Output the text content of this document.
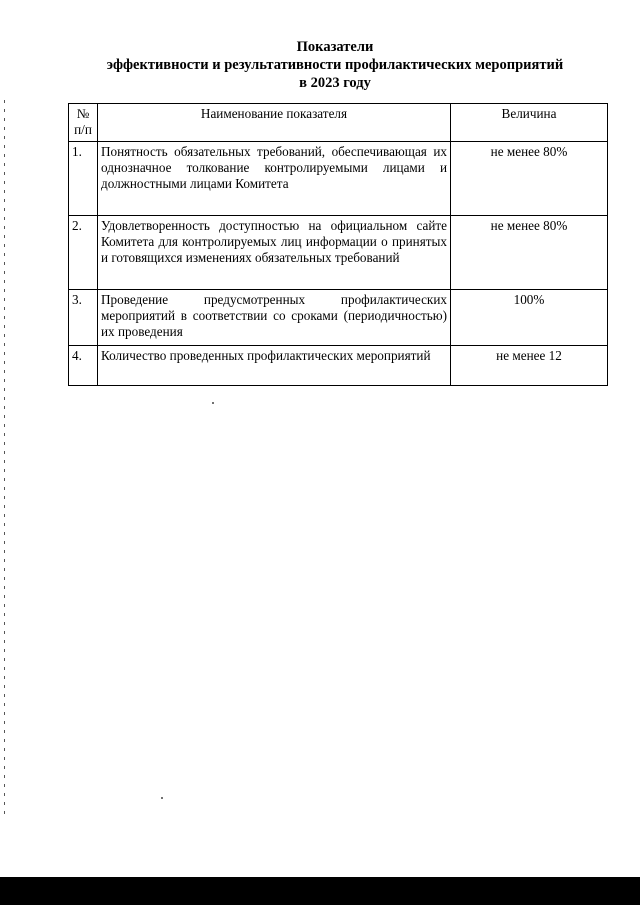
Показатели
эффективности и результативности профилактических мероприятий
в 2023 году
№ п/п	Наименование показателя	Величина
1.	Понятность обязательных требований, обеспечивающая их однозначное толкование контролируемыми лицами и должностными лицами Комитета	не менее 80%
2.	Удовлетворенность доступностью на официальном сайте Комитета для контролируемых лиц информации о принятых и готовящихся изменениях обязательных требований	не менее 80%
3.	Проведение предусмотренных профилактических мероприятий в соответствии со сроками (периодичностью) их проведения	100%
4.	Количество проведенных профилактических мероприятий	не менее 12
